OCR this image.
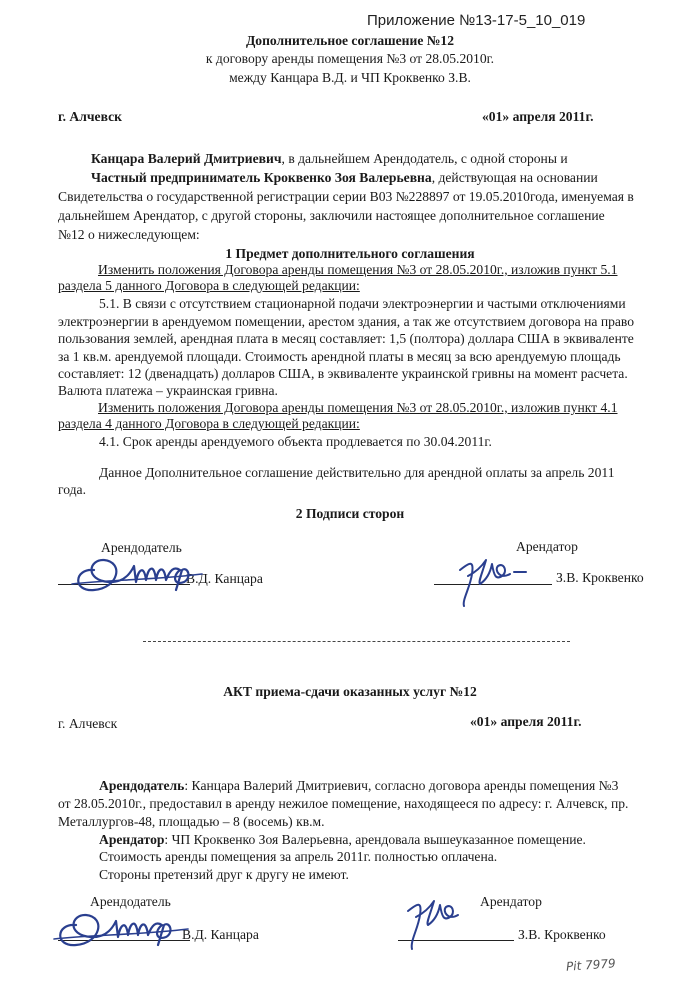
Приложение №13-17-5_10_019
Дополнительное соглашение №12
к договору аренды помещения №3 от 28.05.2010г.
между Канцара В.Д. и ЧП Кроквенко З.В.
г. Алчевск	«01» апреля 2011г.
Канцара Валерий Дмитриевич, в дальнейшем Арендодатель, с одной стороны и
Частный предприниматель Кроквенко Зоя Валерьевна, действующая на основании
Свидетельства о государственной регистрации серии В03 №228897 от 19.05.2010года, именуемая в
дальнейшем Арендатор, с другой стороны, заключили настоящее дополнительное соглашение
№12 о нижеследующем:
1 Предмет дополнительного соглашения
Изменить положения Договора аренды помещения №3 от 28.05.2010г., изложив пункт 5.1
раздела 5 данного Договора в следующей редакции:
5.1. В связи с отсутствием стационарной подачи электроэнергии и частыми отключениями
электроэнергии в арендуемом помещении, арестом здания, а так же отсутствием договора на право
пользования землей, арендная плата в месяц составляет: 1,5 (полтора) доллара США в эквиваленте
за 1 кв.м. арендуемой площади. Стоимость арендной платы в месяц за всю арендуемую площадь
составляет: 12 (двенадцать) долларов США, в эквиваленте украинской гривны на момент расчета.
Валюта платежа – украинская гривна.
Изменить положения Договора аренды помещения №3 от 28.05.2010г., изложив пункт 4.1
раздела 4 данного Договора в следующей редакции:
4.1. Срок аренды арендуемого объекта продлевается по 30.04.2011г.
Данное Дополнительное соглашение действительно для арендной оплаты за апрель 2011
года.
2 Подписи сторон
Арендодатель	Арендатор
В.Д. Канцара	З.В. Кроквенко
АКТ приема-сдачи оказанных услуг №12
г. Алчевск	«01» апреля 2011г.
Арендодатель: Канцара Валерий Дмитриевич, согласно договора аренды помещения №3
от 28.05.2010г., предоставил в аренду нежилое помещение, находящееся по адресу: г. Алчевск, пр.
Металлургов-48, площадью – 8 (восемь) кв.м.
Арендатор: ЧП Кроквенко Зоя Валерьевна, арендовала вышеуказанное помещение.
Стоимость аренды помещения за апрель 2011г. полностью оплачена.
Стороны претензий друг к другу не имеют.
Арендодатель	Арендатор
В.Д. Канцара	З.В. Кроквенко
Pit 7979
